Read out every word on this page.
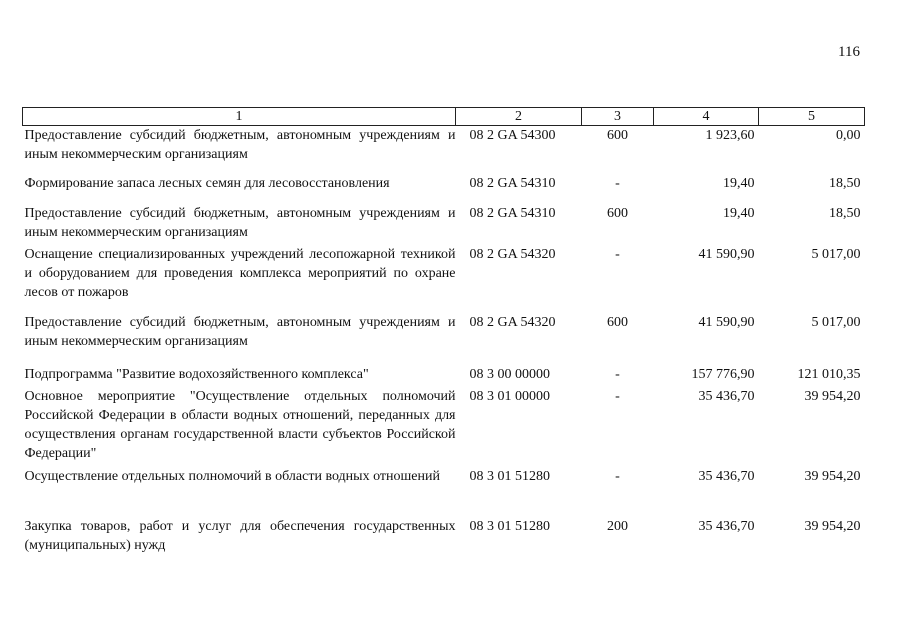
116
1	2	3	4	5
Предоставление субсидий бюджетным, автономным учреждениям и иным некоммерческим организациям	08 2 GA 54300	600	1 923,60	0,00
Формирование запаса лесных семян для лесовосстановления	08 2 GA 54310	-	19,40	18,50
Предоставление субсидий бюджетным, автономным учреждениям и иным некоммерческим организациям	08 2 GA 54310	600	19,40	18,50
Оснащение специализированных учреждений лесопожарной техникой и оборудованием для проведения комплекса мероприятий по охране лесов от пожаров	08 2 GA 54320	-	41 590,90	5 017,00
Предоставление субсидий бюджетным, автономным учреждениям и иным некоммерческим организациям	08 2 GA 54320	600	41 590,90	5 017,00
Подпрограмма "Развитие водохозяйственного комплекса"	08 3 00 00000	-	157 776,90	121 010,35
Основное мероприятие "Осуществление отдельных полномочий Российской Федерации в области водных отношений, переданных для осуществления органам государственной власти субъектов Российской Федерации"	08 3 01 00000	-	35 436,70	39 954,20
Осуществление отдельных полномочий в области водных отношений	08 3 01 51280	-	35 436,70	39 954,20
Закупка товаров, работ и услуг для обеспечения государственных (муниципальных) нужд	08 3 01 51280	200	35 436,70	39 954,20
